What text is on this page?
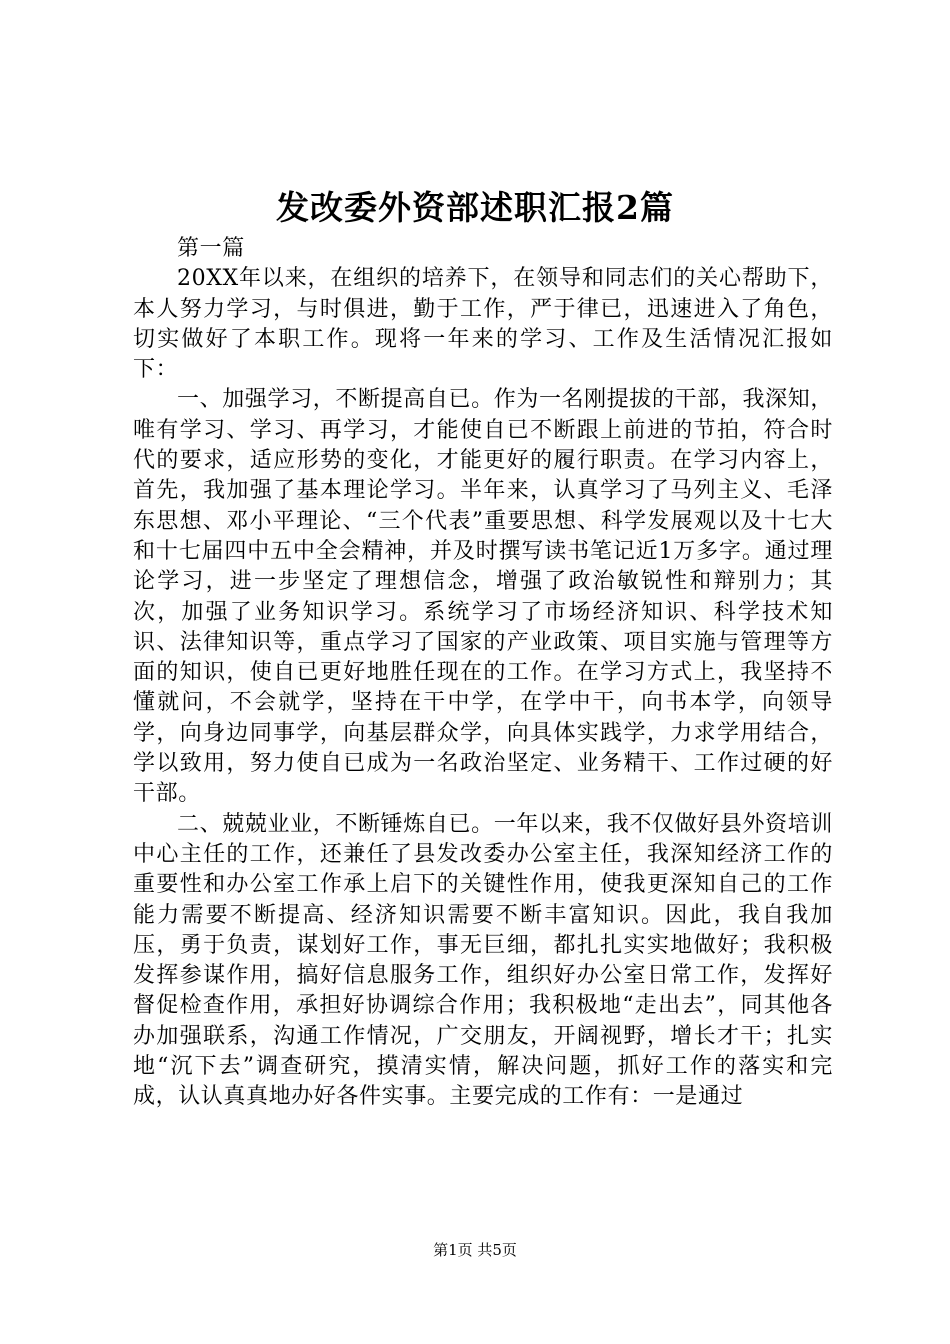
发改委外资部述职汇报2篇

第一篇

20XX年以来，在组织的培养下，在领导和同志们的关心帮助下，本人努力学习，与时俱进，勤于工作，严于律已，迅速进入了角色，切实做好了本职工作。现将一年来的学习、工作及生活情况汇报如下：

一、加强学习，不断提高自已。作为一名刚提拔的干部，我深知，唯有学习、学习、再学习，才能使自已不断跟上前进的节拍，符合时代的要求，适应形势的变化，才能更好的履行职责。在学习内容上，首先，我加强了基本理论学习。半年来，认真学习了马列主义、毛泽东思想、邓小平理论、“三个代表”重要思想、科学发展观以及十七大和十七届四中五中全会精神，并及时撰写读书笔记近1万多字。通过理论学习，进一步坚定了理想信念，增强了政治敏锐性和辩别力；其次，加强了业务知识学习。系统学习了市场经济知识、科学技术知识、法律知识等，重点学习了国家的产业政策、项目实施与管理等方面的知识，使自已更好地胜任现在的工作。在学习方式上，我坚持不懂就问，不会就学，坚持在干中学，在学中干，向书本学，向领导学，向身边同事学，向基层群众学，向具体实践学，力求学用结合，学以致用，努力使自已成为一名政治坚定、业务精干、工作过硬的好干部。

二、兢兢业业，不断锤炼自已。一年以来，我不仅做好县外资培训中心主任的工作，还兼任了县发改委办公室主任，我深知经济工作的重要性和办公室工作承上启下的关键性作用，使我更深知自己的工作能力需要不断提高、经济知识需要不断丰富知识。因此，我自我加压，勇于负责，谋划好工作，事无巨细，都扎扎实实地做好；我积极发挥参谋作用，搞好信息服务工作，组织好办公室日常工作，发挥好督促检查作用，承担好协调综合作用；我积极地“走出去”，同其他各办加强联系，沟通工作情况，广交朋友，开阔视野，增长才干；扎实地“沉下去”调查研究，摸清实情，解决问题，抓好工作的落实和完成，认认真真地办好各件实事。主要完成的工作有：一是通过

第1页 共5页
